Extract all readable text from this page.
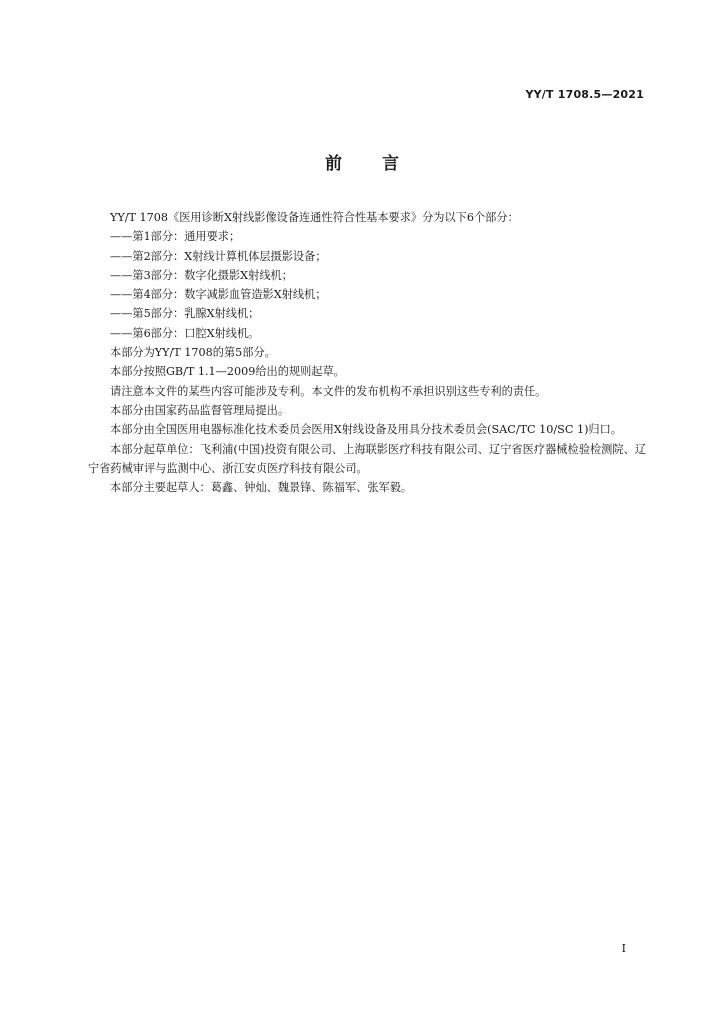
YY/T 1708.5—2021
前言

YY/T 1708《医用诊断X射线影像设备连通性符合性基本要求》分为以下6个部分：

——第1部分：通用要求；

——第2部分：X射线计算机体层摄影设备；

——第3部分：数字化摄影X射线机；

——第4部分：数字减影血管造影X射线机；

——第5部分：乳腺X射线机；

——第6部分：口腔X射线机。

本部分为YY/T 1708的第5部分。

本部分按照GB/T 1.1—2009给出的规则起草。

请注意本文件的某些内容可能涉及专利。本文件的发布机构不承担识别这些专利的责任。

本部分由国家药品监督管理局提出。

本部分由全国医用电器标准化技术委员会医用X射线设备及用具分技术委员会(SAC/TC 10/SC 1)归口。

本部分起草单位：飞利浦(中国)投资有限公司、上海联影医疗科技有限公司、辽宁省医疗器械检验检测院、辽宁省药械审评与监测中心、浙江安贞医疗科技有限公司。

本部分主要起草人：葛鑫、钟灿、魏景锋、陈福军、张军毅。

I
